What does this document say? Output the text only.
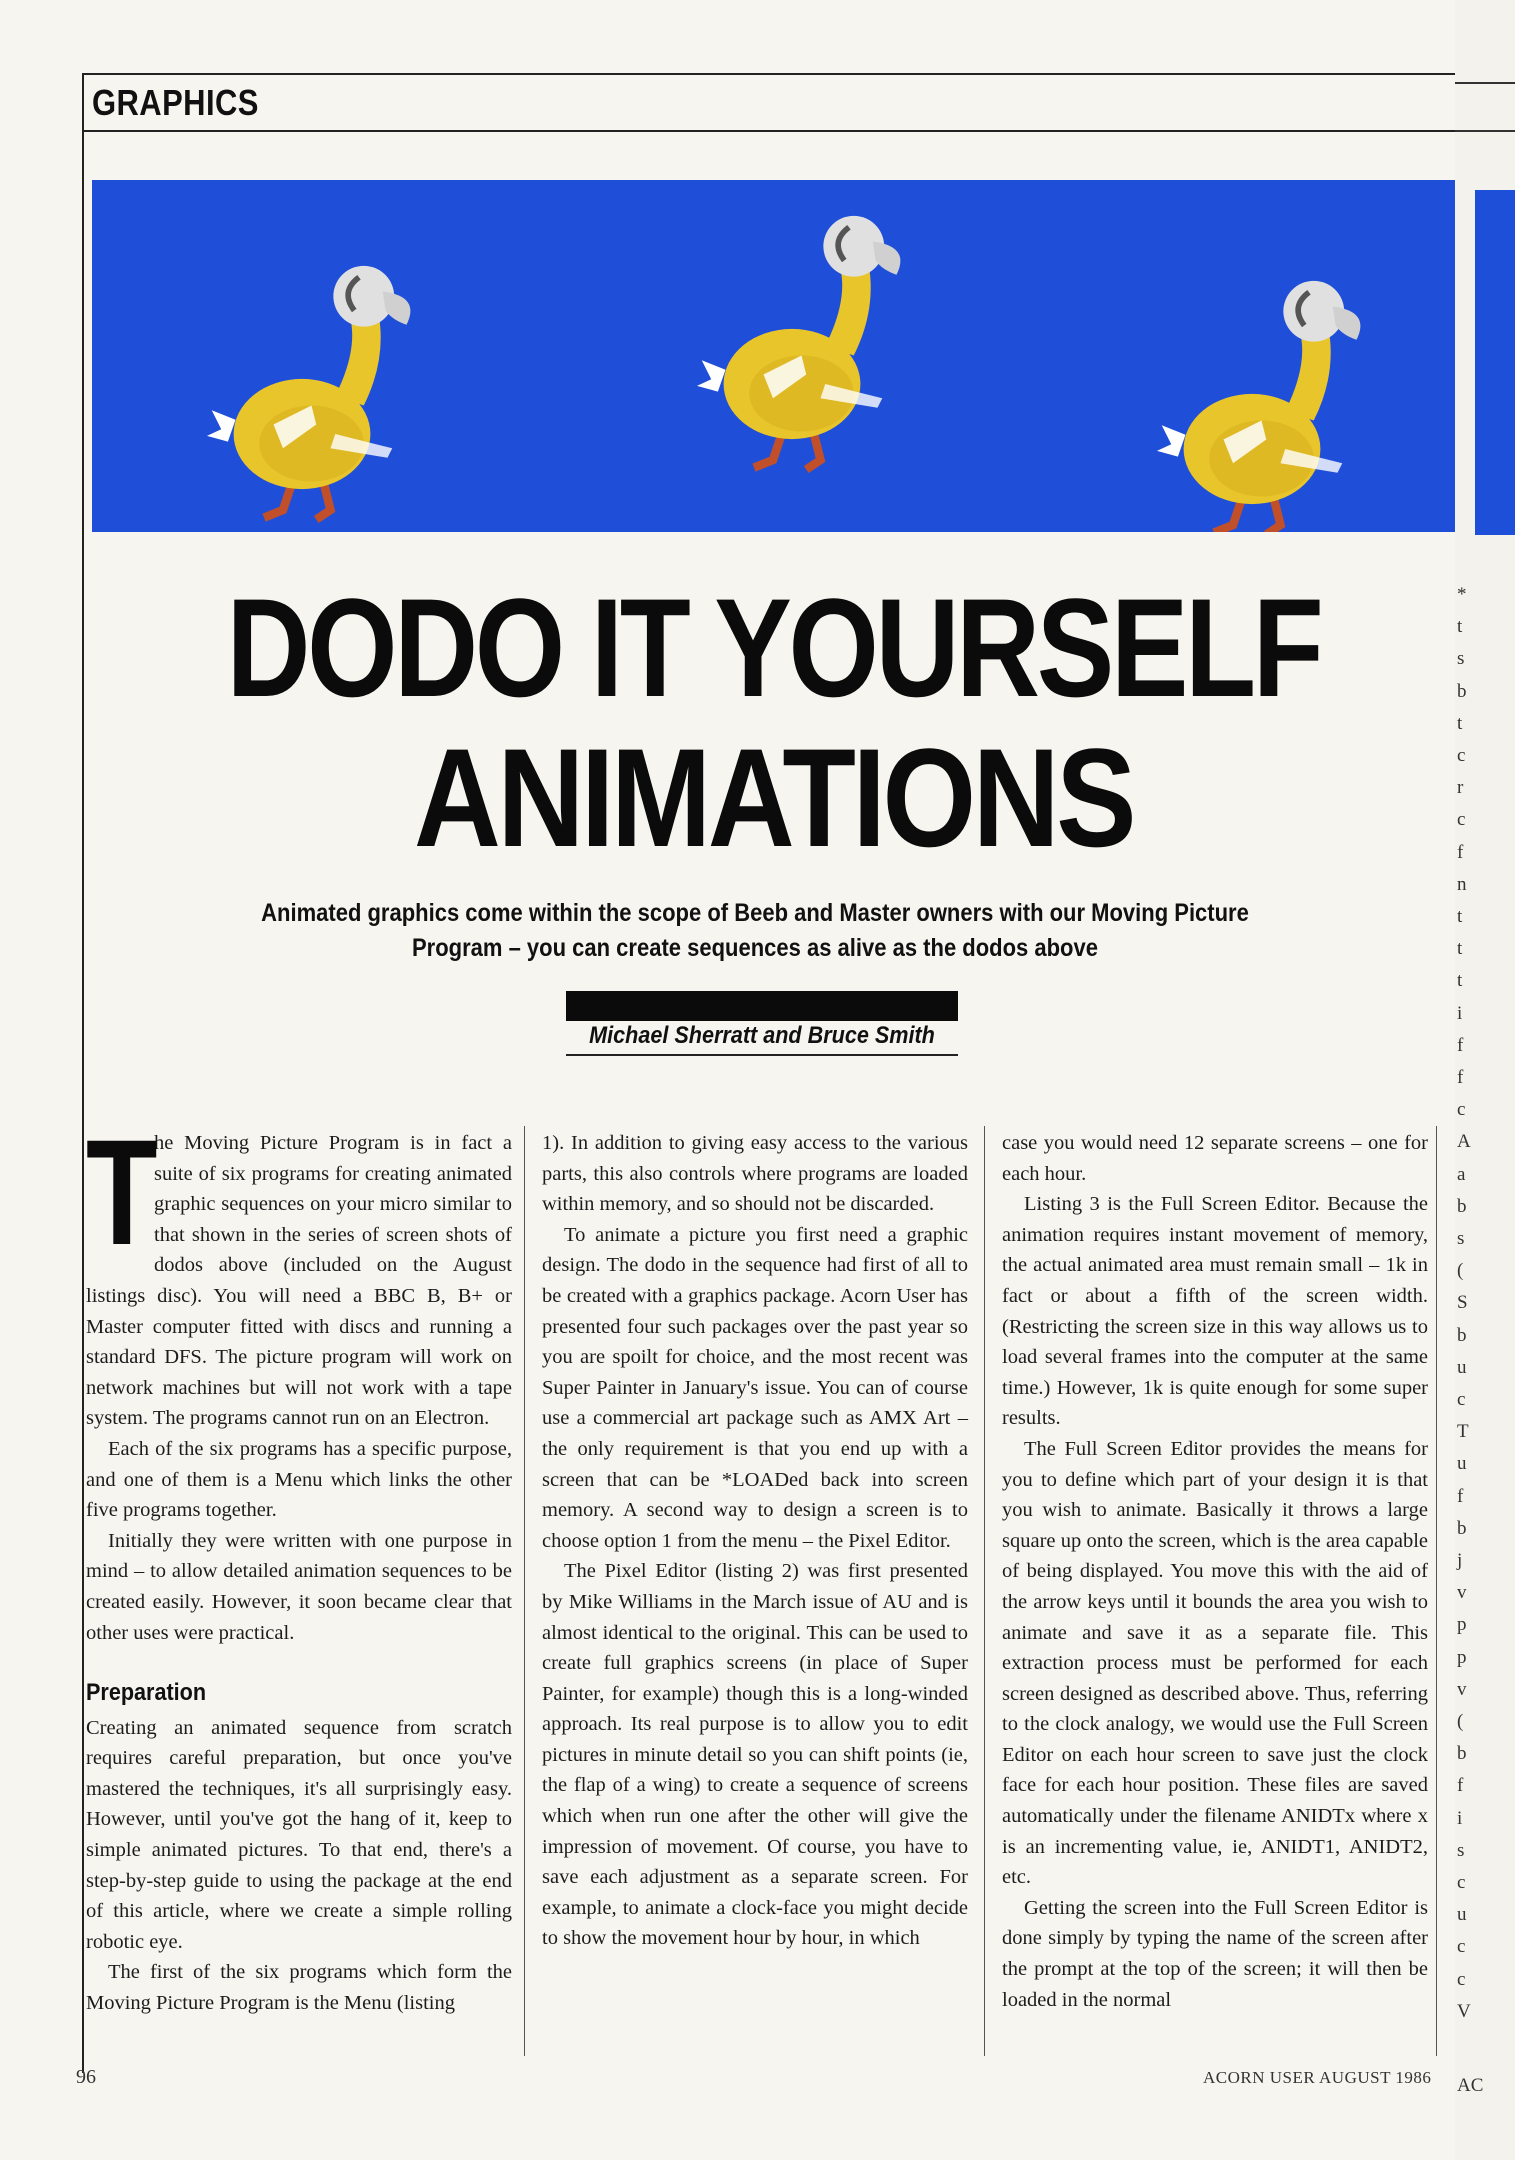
*
t
s
b
t
c
r
c
f
n
t
t
t
i
f
f
c
A
a
b
s
(
S
b
u
c
T
u
f
b
j
v
p
p
v
(
b
f
i
s
c
u
c
c
V
AC
GRAPHICS
DODO IT YOURSELF
ANIMATIONS
Animated graphics come within the scope of Beeb and Master owners with our Moving Picture Program – you can create sequences as alive as the dodos above
Michael Sherratt and Bruce Smith
T

he Moving Picture Program is in fact a suite of six programs for creating animated graphic sequences on your micro similar to that shown in the series of screen shots of dodos above (included on the August listings disc). You will need a BBC B, B+ or Master computer fitted with discs and running a standard DFS. The picture program will work on network machines but will not work with a tape system. The programs cannot run on an Electron.

Each of the six programs has a specific purpose, and one of them is a Menu which links the other five programs together.

Initially they were written with one purpose in mind – to allow detailed animation sequences to be created easily. However, it soon became clear that other uses were practical.

Preparation

Creating an animated sequence from scratch requires careful preparation, but once you've mastered the techniques, it's all surprisingly easy. However, until you've got the hang of it, keep to simple animated pictures. To that end, there's a step-by-step guide to using the package at the end of this article, where we create a simple rolling robotic eye.

The first of the six programs which form the Moving Picture Program is the Menu (listing

1). In addition to giving easy access to the various parts, this also controls where programs are loaded within memory, and so should not be discarded.

To animate a picture you first need a graphic design. The dodo in the sequence had first of all to be created with a graphics package. Acorn User has presented four such packages over the past year so you are spoilt for choice, and the most recent was Super Painter in January's issue. You can of course use a commercial art package such as AMX Art – the only requirement is that you end up with a screen that can be *LOADed back into screen memory. A second way to design a screen is to choose option 1 from the menu – the Pixel Editor.

The Pixel Editor (listing 2) was first presented by Mike Williams in the March issue of AU and is almost identical to the original. This can be used to create full graphics screens (in place of Super Painter, for example) though this is a long-winded approach. Its real purpose is to allow you to edit pictures in minute detail so you can shift points (ie, the flap of a wing) to create a sequence of screens which when run one after the other will give the impression of movement. Of course, you have to save each adjustment as a separate screen. For example, to animate a clock-face you might decide to show the movement hour by hour, in which

case you would need 12 separate screens – one for each hour.

Listing 3 is the Full Screen Editor. Because the animation requires instant movement of memory, the actual animated area must remain small – 1k in fact or about a fifth of the screen width. (Restricting the screen size in this way allows us to load several frames into the computer at the same time.) However, 1k is quite enough for some super results.

The Full Screen Editor provides the means for you to define which part of your design it is that you wish to animate. Basically it throws a large square up onto the screen, which is the area capable of being displayed. You move this with the aid of the arrow keys until it bounds the area you wish to animate and save it as a separate file. This extraction process must be performed for each screen designed as described above. Thus, referring to the clock analogy, we would use the Full Screen Editor on each hour screen to save just the clock face for each hour position. These files are saved automatically under the filename ANIDTx where x is an incrementing value, ie, ANIDT1, ANIDT2, etc.

Getting the screen into the Full Screen Editor is done simply by typing the name of the screen after the prompt at the top of the screen; it will then be loaded in the normal

96	ACORN USER AUGUST 1986
